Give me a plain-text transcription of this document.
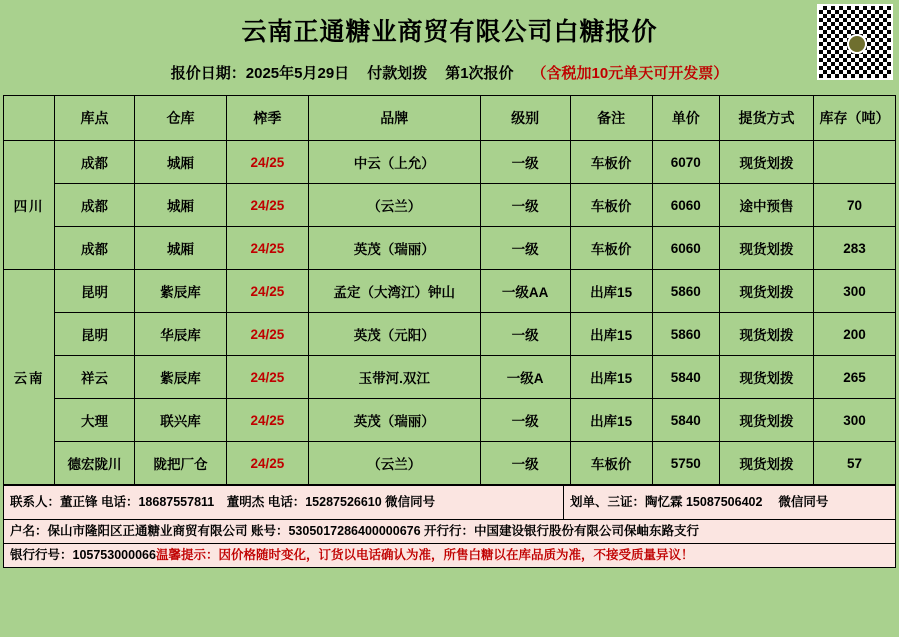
云南正通糖业商贸有限公司白糖报价
报价日期：2025年5月29日 付款划拨 第1次报价 （含税加10元单天可开发票）
	库点	仓库	榨季	品牌	级别	备注	单价	提货方式	库存（吨）
四川	成都	城厢	24/25	中云（上允）	一级	车板价	6070	现货划拨	
	成都	城厢	24/25	（云兰）	一级	车板价	6060	途中预售	70
	成都	城厢	24/25	英茂（瑞丽）	一级	车板价	6060	现货划拨	283
云南	昆明	紫辰库	24/25	孟定（大湾江）钟山	一级AA	出库15	5860	现货划拨	300
	昆明	华辰库	24/25	英茂（元阳）	一级	出库15	5860	现货划拨	200
	祥云	紫辰库	24/25	玉带河.双江	一级A	出库15	5840	现货划拨	265
	大理	联兴库	24/25	英茂（瑞丽）	一级	出库15	5840	现货划拨	300
	德宏陇川	陇把厂仓	24/25	（云兰）	一级	车板价	5750	现货划拨	57
联系人：董正锋 电话：18687557811　董明杰 电话：15287526610 微信同号	划单、三证：陶忆霖 15087506402 　微信同号
户名：保山市隆阳区正通糖业商贸有限公司 账号：5305017286400000676 开行行：中国建设银行股份有限公司保岫东路支行
银行行号：105753000066温馨提示：因价格随时变化，订货以电话确认为准，所售白糖以在库品质为准，不接受质量异议！
